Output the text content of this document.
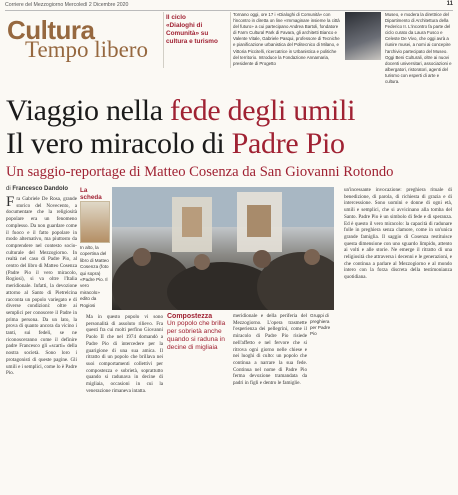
Corriere del Mezzogiorno Mercoledì 2 Dicembre 2020	11
Cultura
Tempo libero
Il ciclo
«Dialoghi di Comunità» su cultura e turismo
Tornano oggi, ore 17 i «Dialoghi di Comunità» con l'incontro in diretta on line «Immaginare insieme la città del futuro» a cui partecipano Andrea Bartoli, fondatore di Farm Cultural Park di Favara, gli architetti Bianco e Valente Vitale, Gabriele Pasqui, professore di Tecniche e pianificazione urbanistica del Politecnico di Milano, e Vittoria Piccitelli, ricercatrice in Urbanistica e politiche del territorio. Introduce la Fondazione Annamaria, presidente di Progetto
Museo, e modera la direttrice del Dipartimento di Architettura della Federico II. L'incontro fa parte del ciclo curato da Laura Fusco e Celeste De Vivo, che oggi avrà a riunire musei, a nomi ai concepire l'archivio partecipato del Museo. Oggi Beni Culturali, oltre ai nuovi docenti universitari, associazioni e albergatori, ristoratori, agenti del turismo con esperti di arte e cultura.
Viaggio nella fede degli umili
Il vero miracolo di Padre Pio
Un saggio-reportage di Matteo Cosenza da San Giovanni Rotondo
di Francesco Dandolo
Fra Gabriele De Rosa, grande storico del Novecento, a documentare che la religiosità popolare era un fenomeno complesso. Da non guardare come il fuoco e il fatto popolare in modo alternativo, ma piuttosto da comprendere nel contesto socio-culturale del Mezzogiorno. In realtà nel caso di Padre Pio, al centro del libro di Matteo Cosenza (Padre Pio il vero miracolo, Rogiosi), si va oltre l'Italia meridionale. Infatti, la devozione attorno al Santo di Pietrelcina racconta un popolo variegato e di diverse condizioni: oltre ai semplici per conoscere il Padre in prima persona. Da un lato, la prova di quanto ancora da vicino i tanti, sui fedeli, se ne riconosceranno come il definire padre Francesco gli «scarti» della nostra società. Sono loro i protagonisti di queste pagine. Gli umili e i semplici, come lo è Padre Pio.
La scheda
In alto, la copertina del libro di Matteo Cosenza (foto qui sopra) «Padre Pio. Il vero miracolo» edito da Rogiosi
Ma in questo popolo vi sono personalità di assoluto rilievo. Fra questi fra cui molti perfino Giovanni Paolo II che nel 1974 domandò a Padre Pio di intercedere per la guarigione di una sua amica. Il ritratto di un popolo che brillava nei suoi comportamenti collettivi per compostezza e sobrietà, soprattutto quando si radunava in decine di migliaia, occasioni in cui la venerazione rimaneva intatta.
Compostezza
Un popolo che brilla per sobrietà anche quando si raduna in decine di migliaia
meridionale e della periferia del Mezzogiorno. L'opera trasmette l'esperienza dei pellegrini, come il miracolo di Padre Pio risiede nell'affetto e nel fervore che si ritrova ogni giorno nelle chiese e nei luoghi di culto: un popolo che continua a narrare la sua fede. Continua nel nome di Padre Pio ferma devozione tramandata da padri in figli e dentro le famiglie.
Gruppi di preghiera per Padre Pio
un'incessante invocazione: preghiera rituale di benedizione, di parola, di richiesta di grazia e di intercessione. Sono uomini e donne di ogni età, umili e semplici, che si avvicinano alla tomba del Santo. Padre Pio è un simbolo di fede e di speranza. Ed è questo il vero miracolo: la capacità di radunare folle in preghiera senza clamore, come in un'unica grande famiglia. Il saggio di Cosenza restituisce questa dimensione con uno sguardo limpido, attento ai volti e alle storie. Ne emerge il ritratto di una religiosità che attraversa i decenni e le generazioni, e che continua a parlare al Mezzogiorno e al mondo intero con la forza discreta della testimonianza quotidiana.
